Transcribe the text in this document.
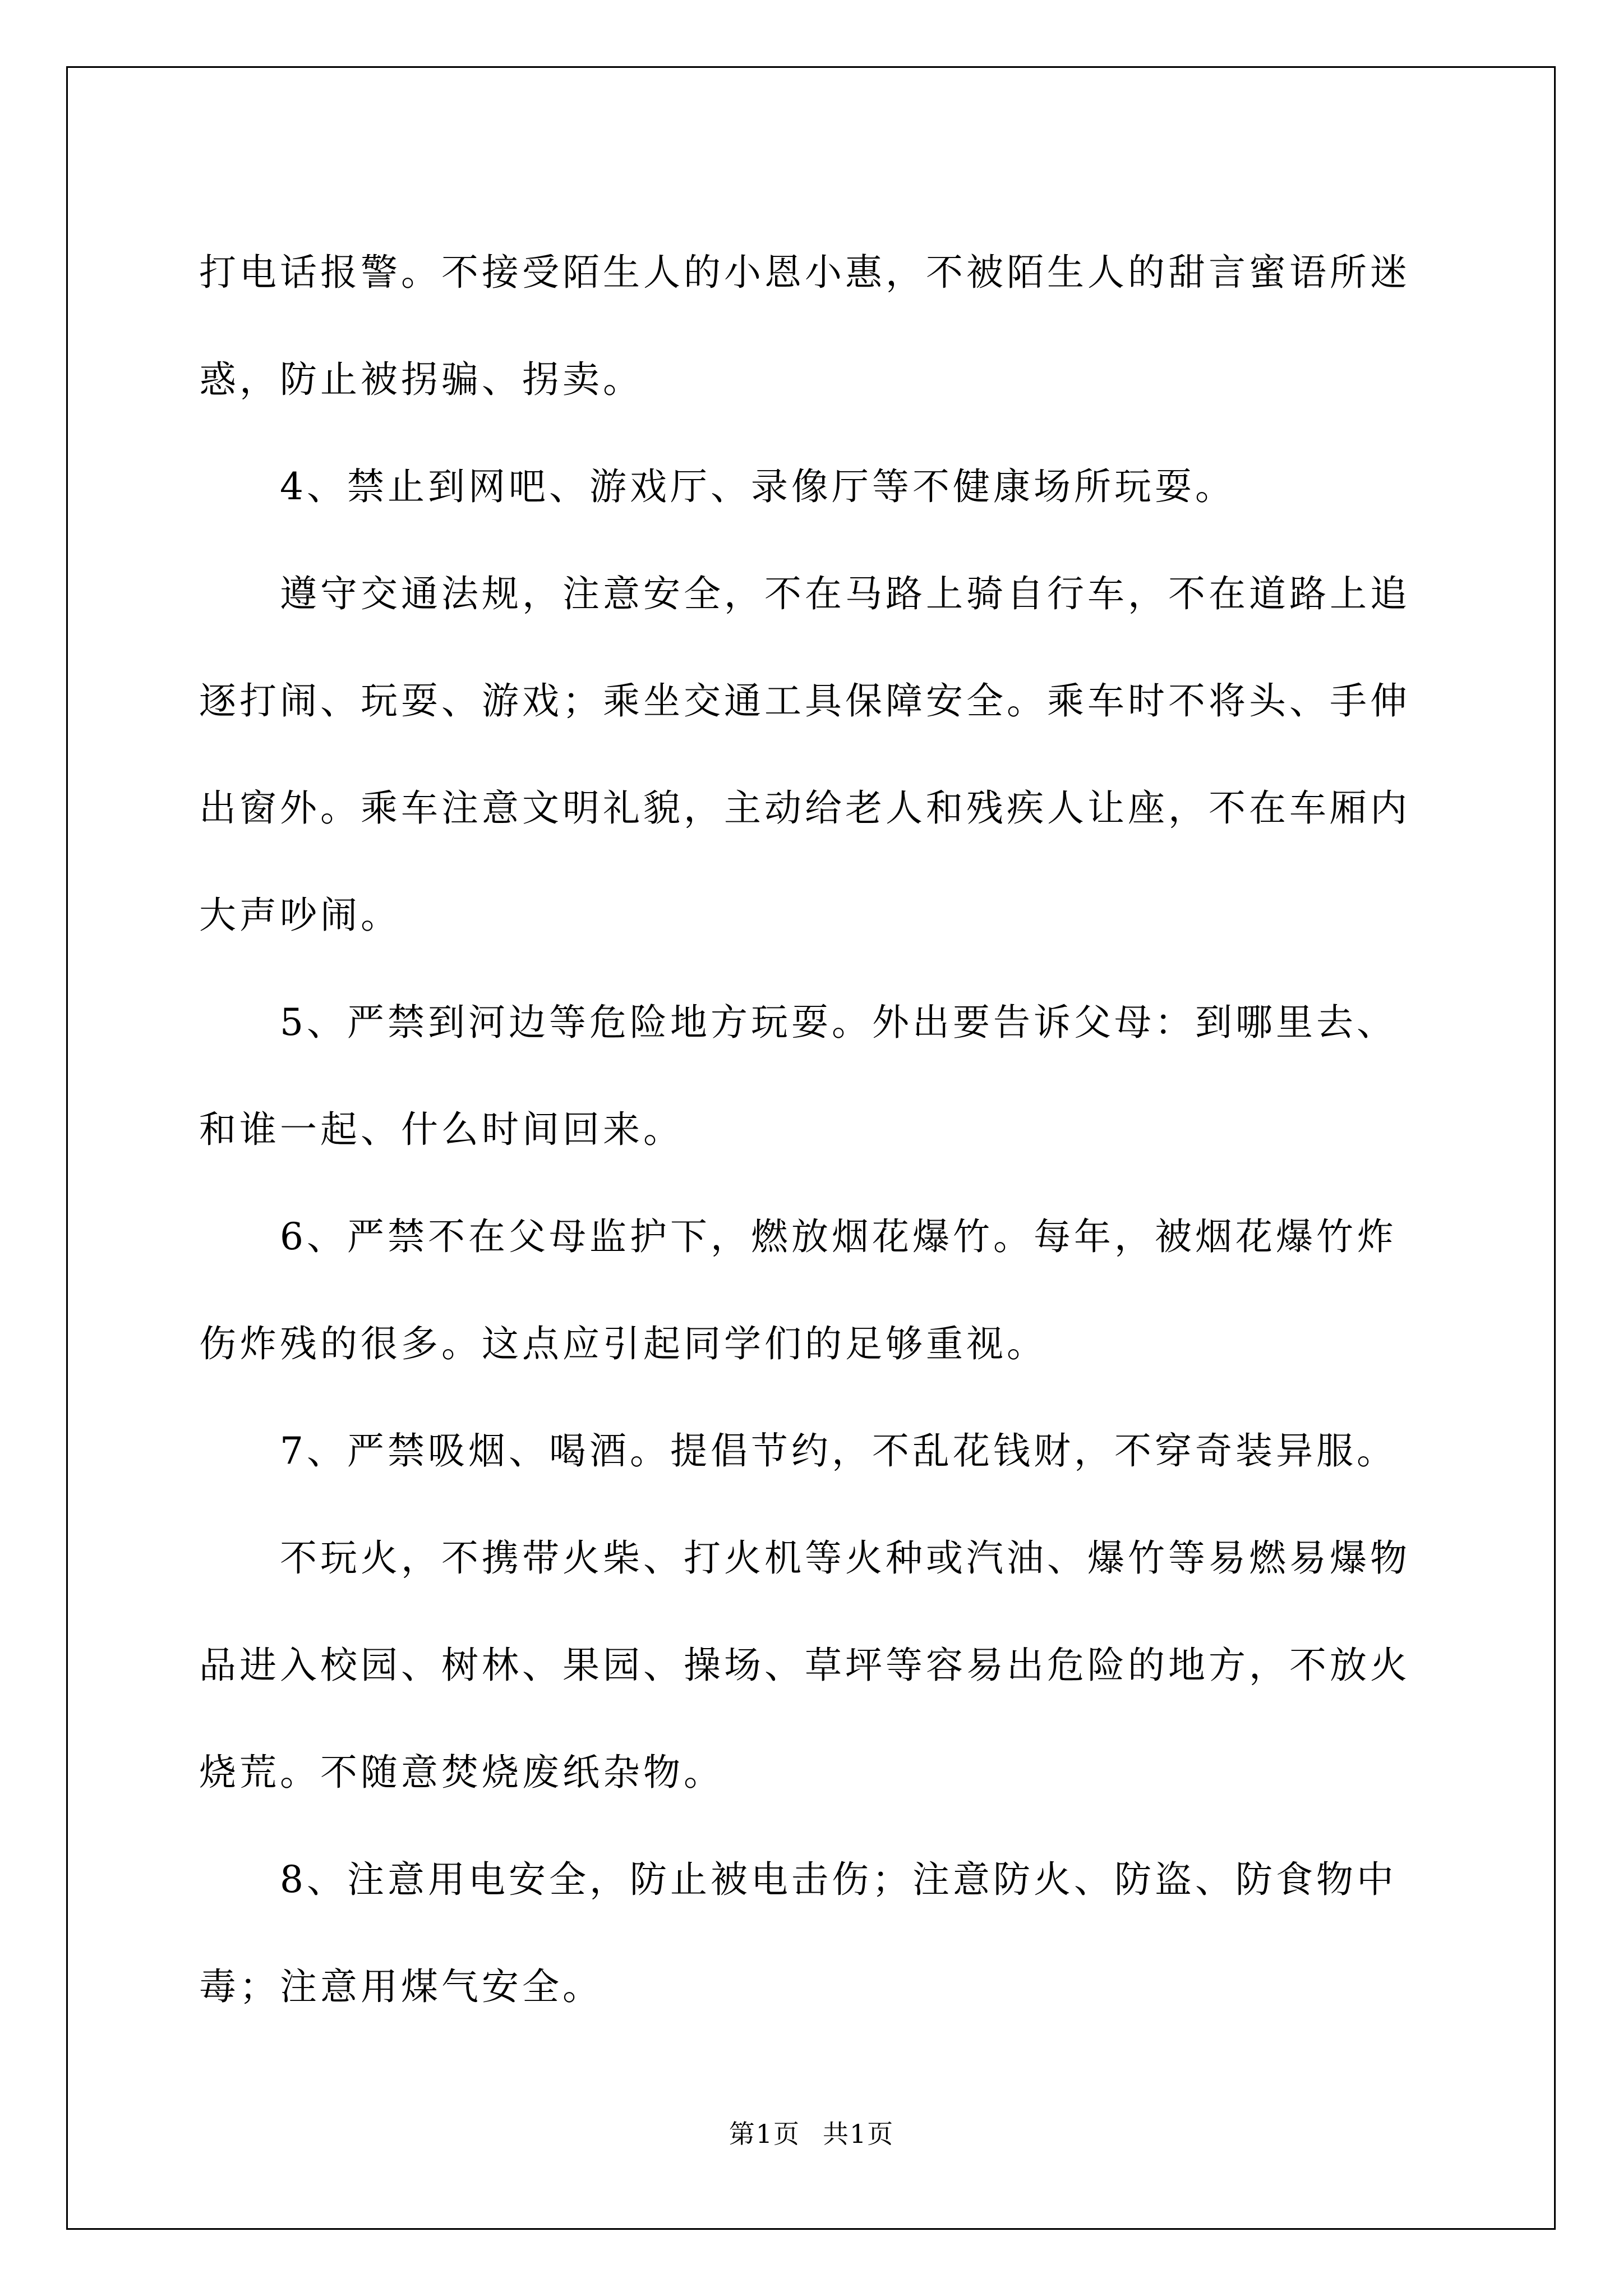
打电话报警。不接受陌生人的小恩小惠，不被陌生人的甜言蜜语所迷惑，防止被拐骗、拐卖。

4、禁止到网吧、游戏厅、录像厅等不健康场所玩耍。

遵守交通法规，注意安全，不在马路上骑自行车，不在道路上追逐打闹、玩耍、游戏；乘坐交通工具保障安全。乘车时不将头、手伸出窗外。乘车注意文明礼貌，主动给老人和残疾人让座，不在车厢内大声吵闹。

5、严禁到河边等危险地方玩耍。外出要告诉父母：到哪里去、和谁一起、什么时间回来。

6、严禁不在父母监护下，燃放烟花爆竹。每年，被烟花爆竹炸伤炸残的很多。这点应引起同学们的足够重视。

7、严禁吸烟、喝酒。提倡节约，不乱花钱财，不穿奇装异服。

不玩火，不携带火柴、打火机等火种或汽油、爆竹等易燃易爆物品进入校园、树林、果园、操场、草坪等容易出危险的地方，不放火烧荒。不随意焚烧废纸杂物。

8、注意用电安全，防止被电击伤；注意防火、防盗、防食物中毒；注意用煤气安全。

第1页 共1页
